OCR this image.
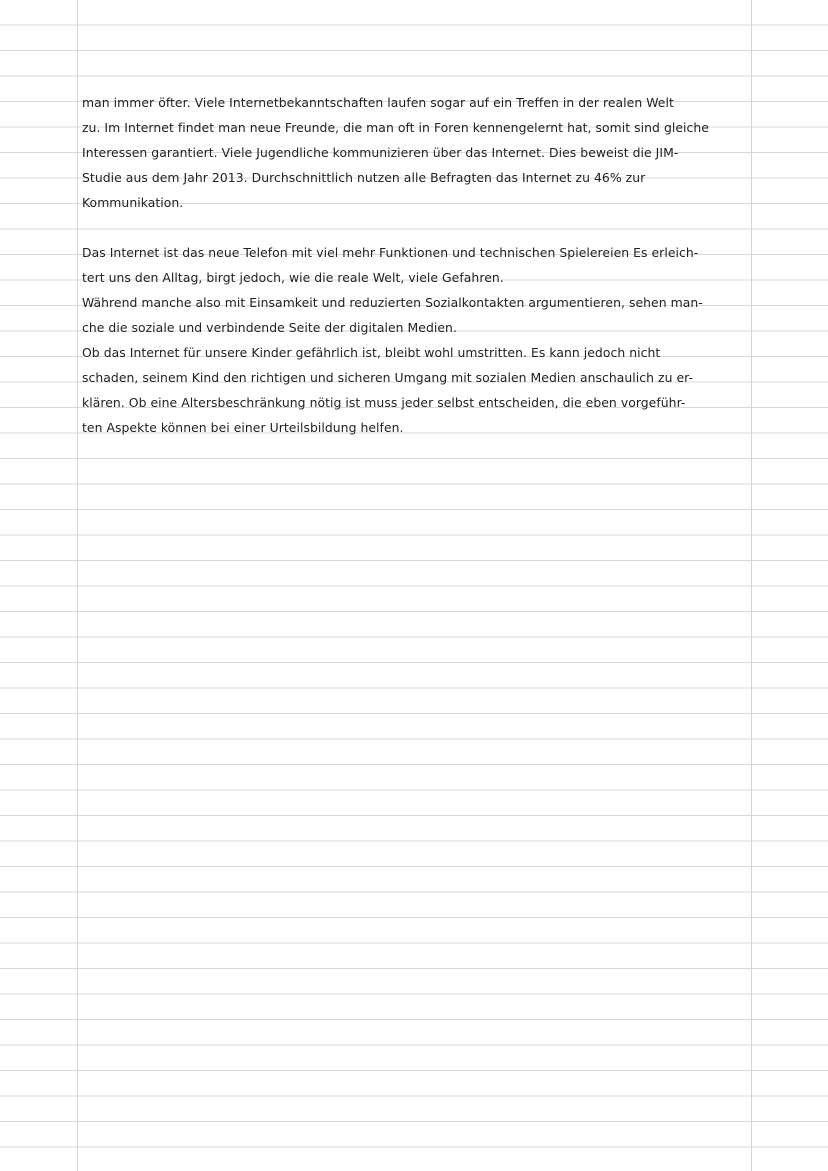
man immer öfter. Viele Internetbekanntschaften laufen sogar auf ein Treffen in der realen Welt
zu. Im Internet findet man neue Freunde, die man oft in Foren kennengelernt hat, somit sind gleiche
Interessen garantiert. Viele Jugendliche kommunizieren über das Internet. Dies beweist die JIM-
Studie aus dem Jahr 2013. Durchschnittlich nutzen alle Befragten das Internet zu 46% zur
Kommunikation.
Das Internet ist das neue Telefon mit viel mehr Funktionen und technischen Spielereien Es erleich-
tert uns den Alltag, birgt jedoch, wie die reale Welt, viele Gefahren.
Während manche also mit Einsamkeit und reduzierten Sozialkontakten argumentieren, sehen man-
che die soziale und verbindende Seite der digitalen Medien.
Ob das Internet für unsere Kinder gefährlich ist, bleibt wohl umstritten. Es kann jedoch nicht
schaden, seinem Kind den richtigen und sicheren Umgang mit sozialen Medien anschaulich zu er-
klären. Ob eine Altersbeschränkung nötig ist muss jeder selbst entscheiden, die eben vorgeführ-
ten Aspekte können bei einer Urteilsbildung helfen.
